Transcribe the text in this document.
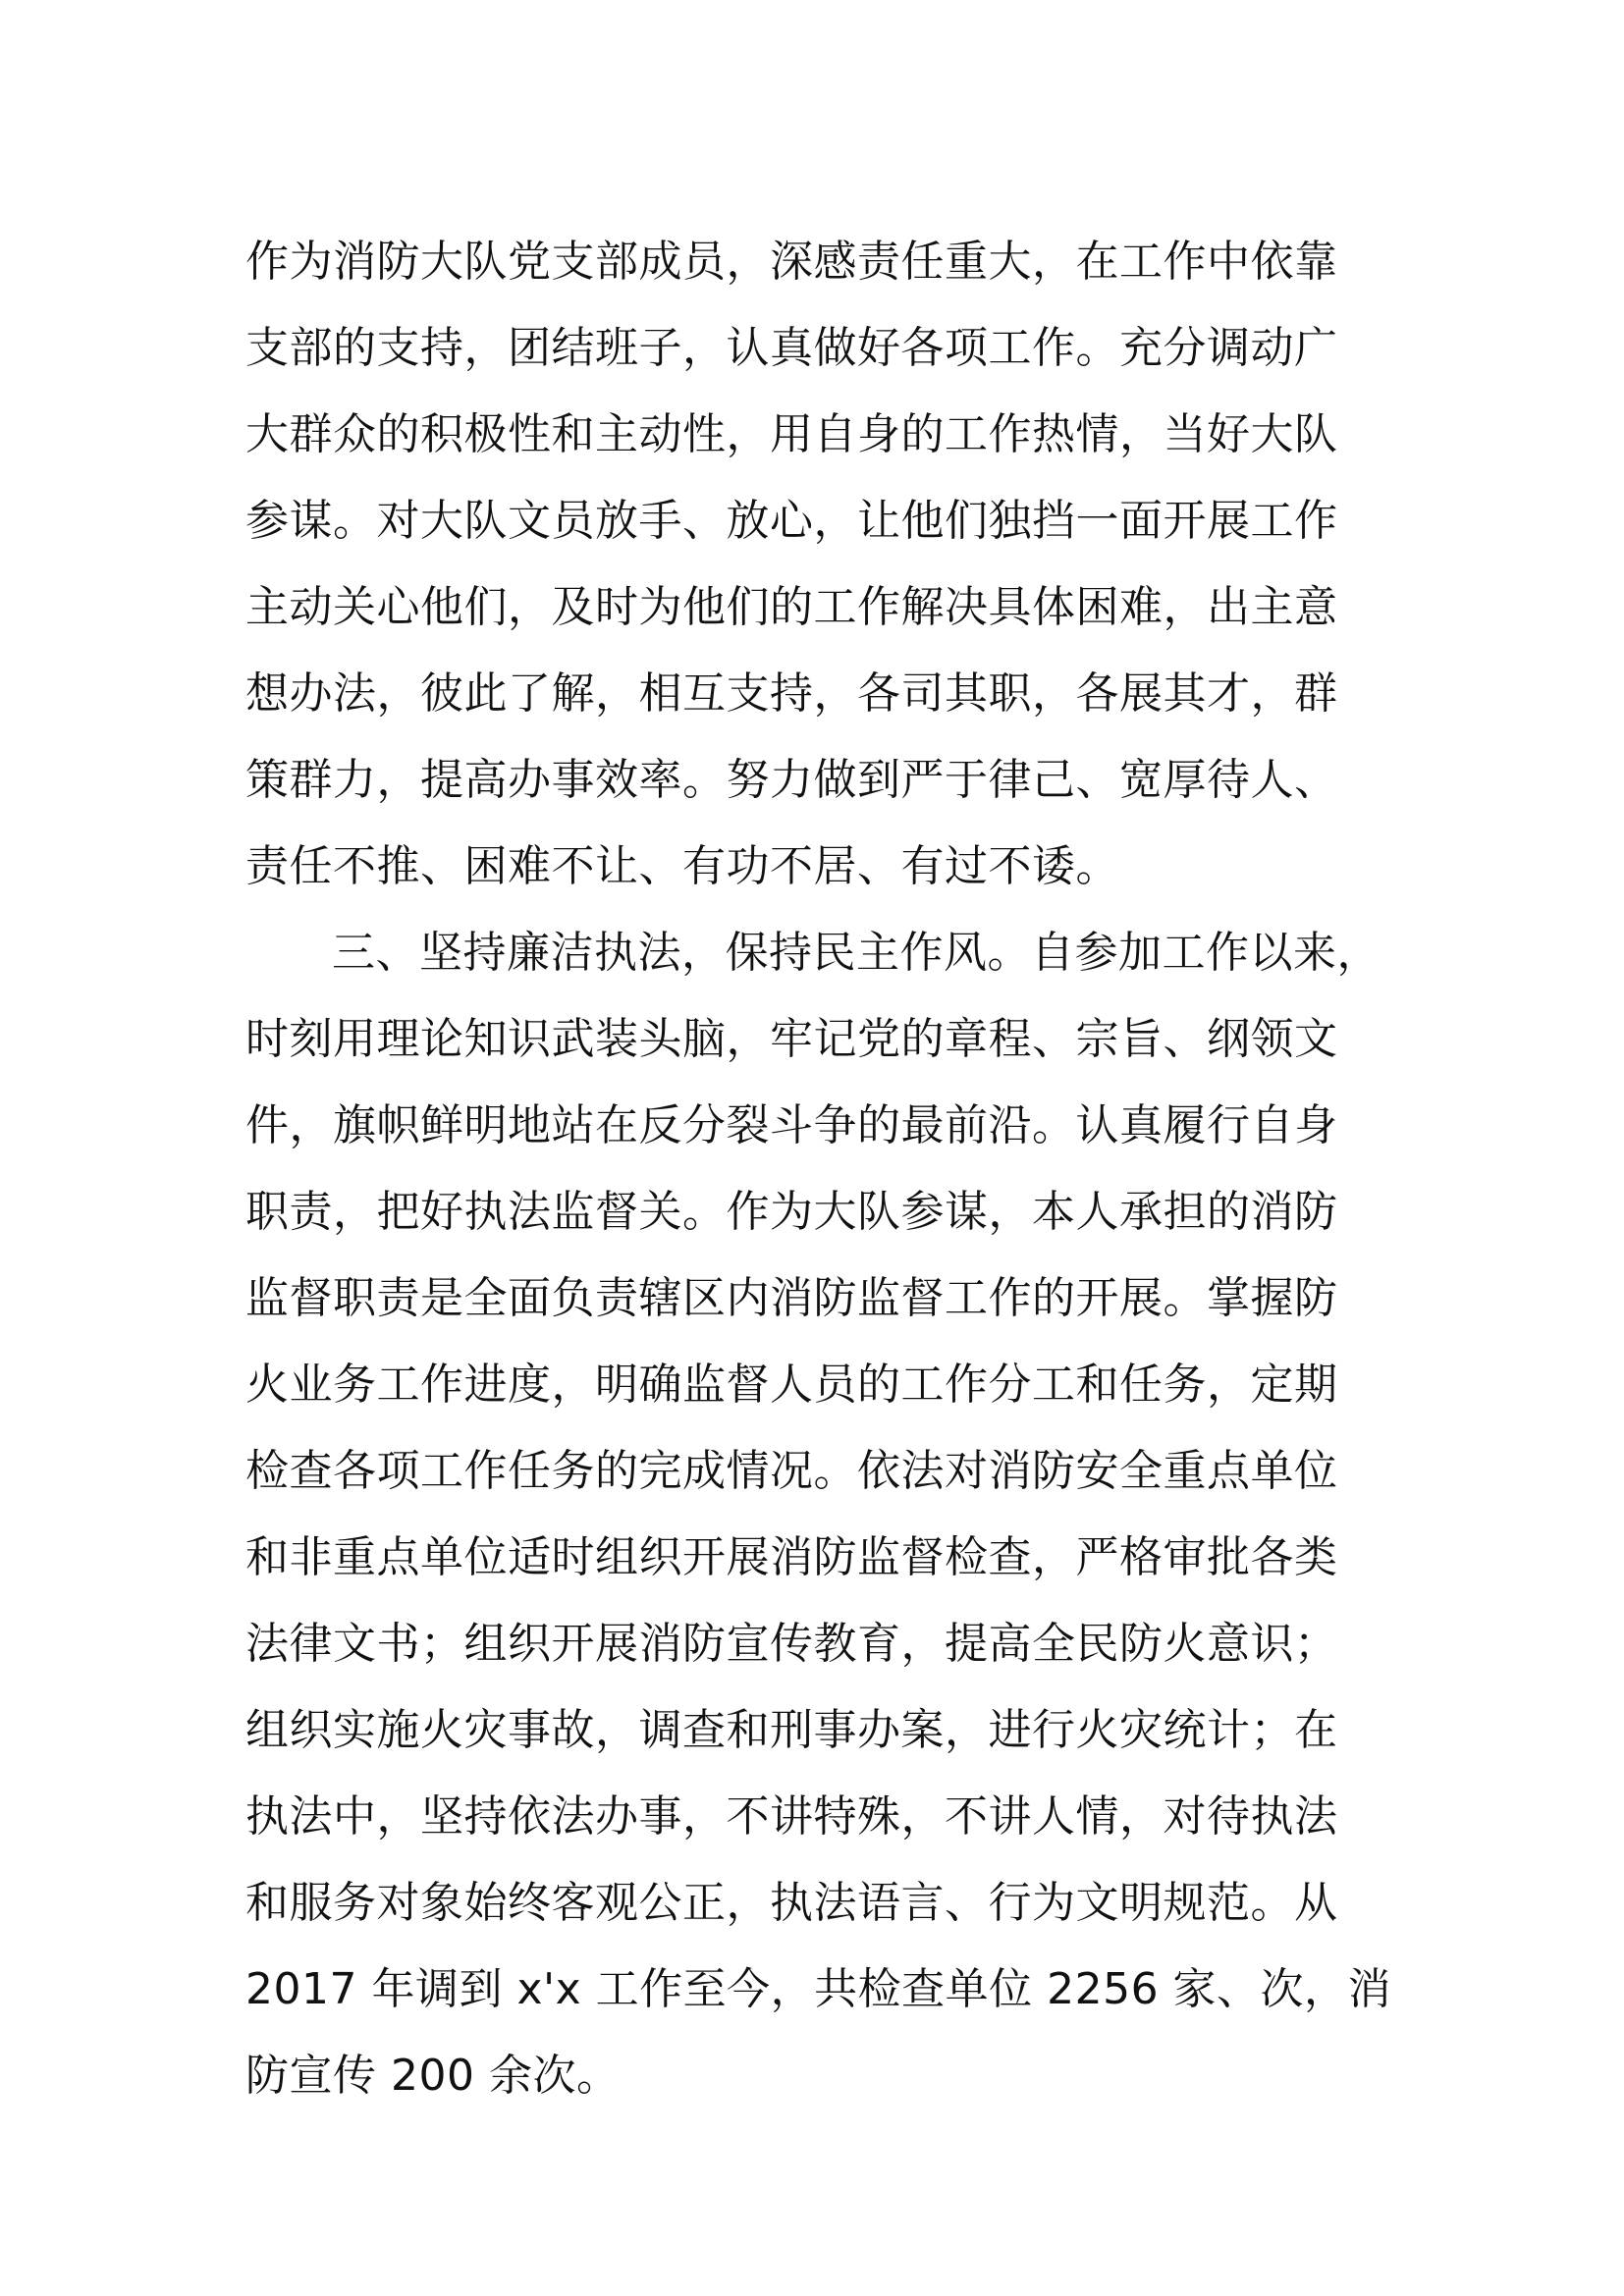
作为消防大队党支部成员，深感责任重大，在工作中依靠
支部的支持，团结班子，认真做好各项工作。充分调动广
大群众的积极性和主动性，用自身的工作热情，当好大队
参谋。对大队文员放手、放心，让他们独挡一面开展工作
主动关心他们，及时为他们的工作解决具体困难，出主意
想办法，彼此了解，相互支持，各司其职，各展其才，群
策群力，提高办事效率。努力做到严于律己、宽厚待人、
责任不推、困难不让、有功不居、有过不诿。
三、坚持廉洁执法，保持民主作风。自参加工作以来，
时刻用理论知识武装头脑，牢记党的章程、宗旨、纲领文
件，旗帜鲜明地站在反分裂斗争的最前沿。认真履行自身
职责，把好执法监督关。作为大队参谋，本人承担的消防
监督职责是全面负责辖区内消防监督工作的开展。掌握防
火业务工作进度，明确监督人员的工作分工和任务，定期
检查各项工作任务的完成情况。依法对消防安全重点单位
和非重点单位适时组织开展消防监督检查，严格审批各类
法律文书；组织开展消防宣传教育，提高全民防火意识；
组织实施火灾事故，调查和刑事办案，进行火灾统计；在
执法中，坚持依法办事，不讲特殊，不讲人情，对待执法
和服务对象始终客观公正，执法语言、行为文明规范。从
2017 年调到 x'x 工作至今，共检查单位 2256 家、次，消
防宣传 200 余次。
